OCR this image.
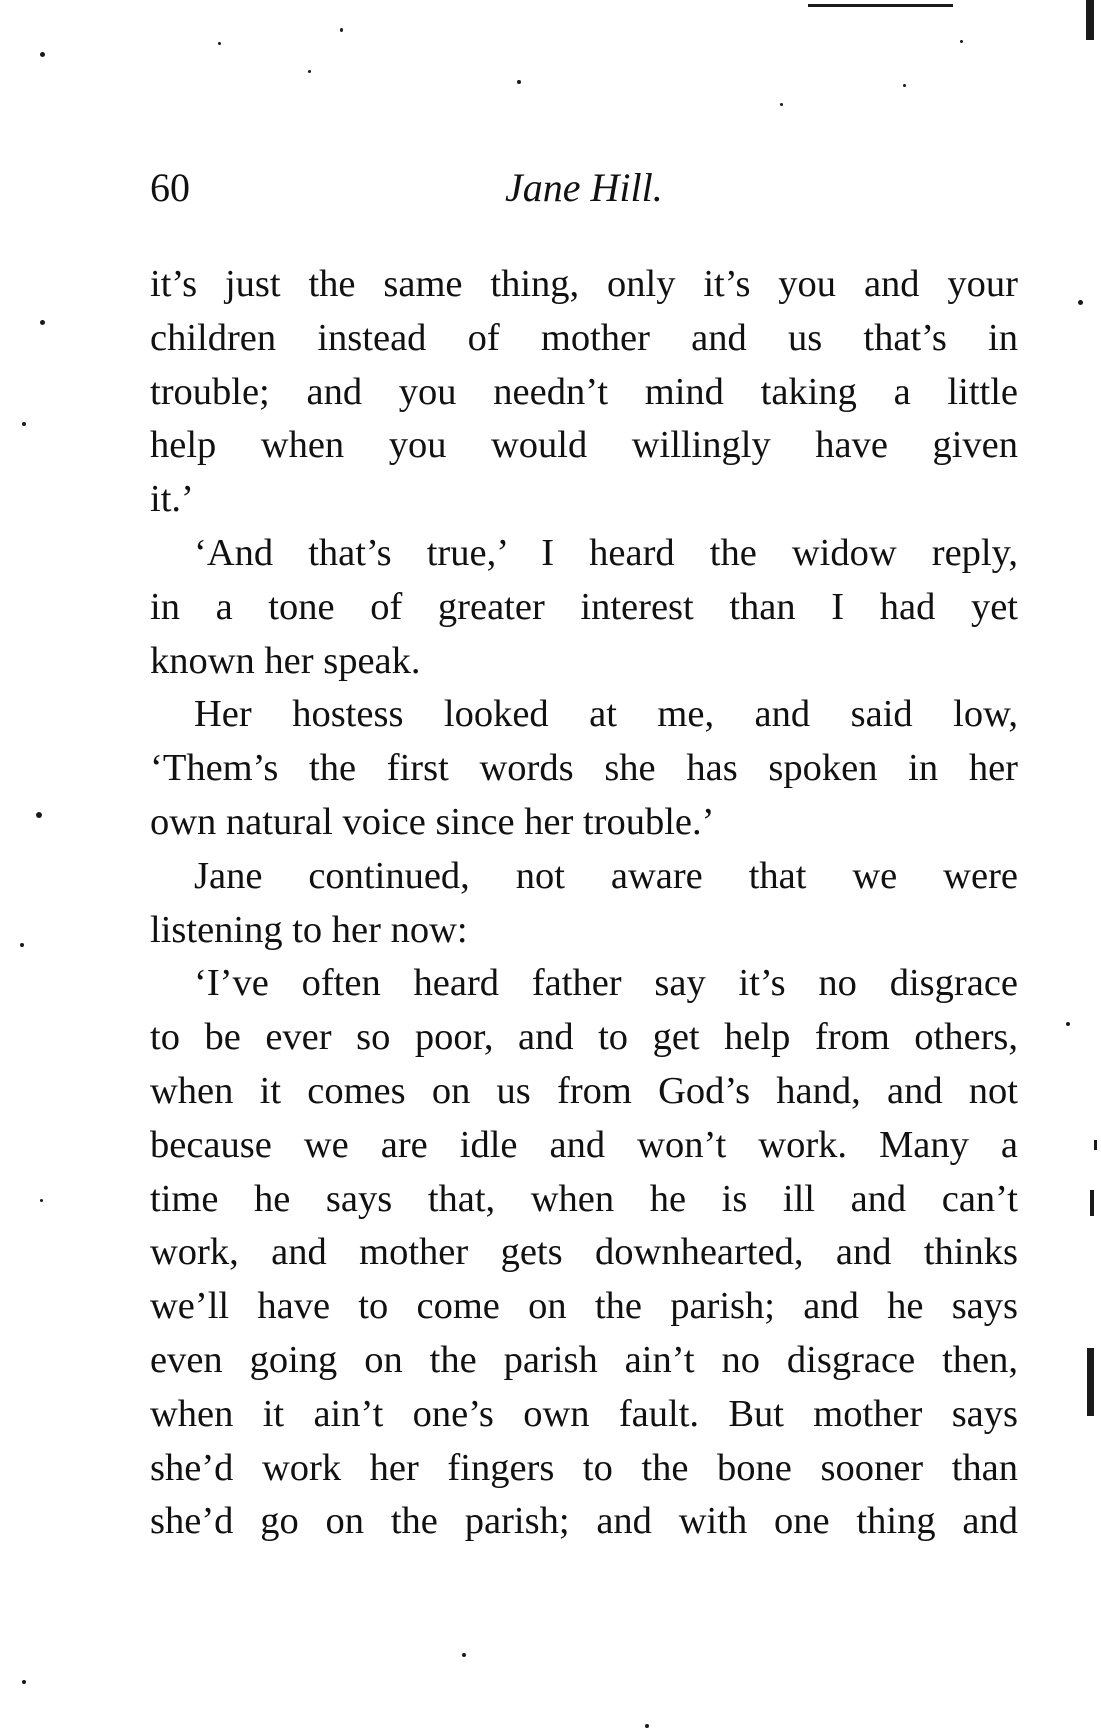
60	Jane Hill.
it’s just the same thing, only it’s you and your
children instead of mother and us that’s in
trouble; and you needn’t mind taking a little
help when you would willingly have given
it.’
‘And that’s true,’ I heard the widow reply,
in a tone of greater interest than I had yet
known her speak.
Her hostess looked at me, and said low,
‘Them’s the first words she has spoken in her
own natural voice since her trouble.’
Jane continued, not aware that we were
listening to her now:
‘I’ve often heard father say it’s no disgrace
to be ever so poor, and to get help from others,
when it comes on us from God’s hand, and not
because we are idle and won’t work. Many a
time he says that, when he is ill and can’t
work, and mother gets downhearted, and thinks
we’ll have to come on the parish; and he says
even going on the parish ain’t no disgrace then,
when it ain’t one’s own fault. But mother says
she’d work her fingers to the bone sooner than
she’d go on the parish; and with one thing and
